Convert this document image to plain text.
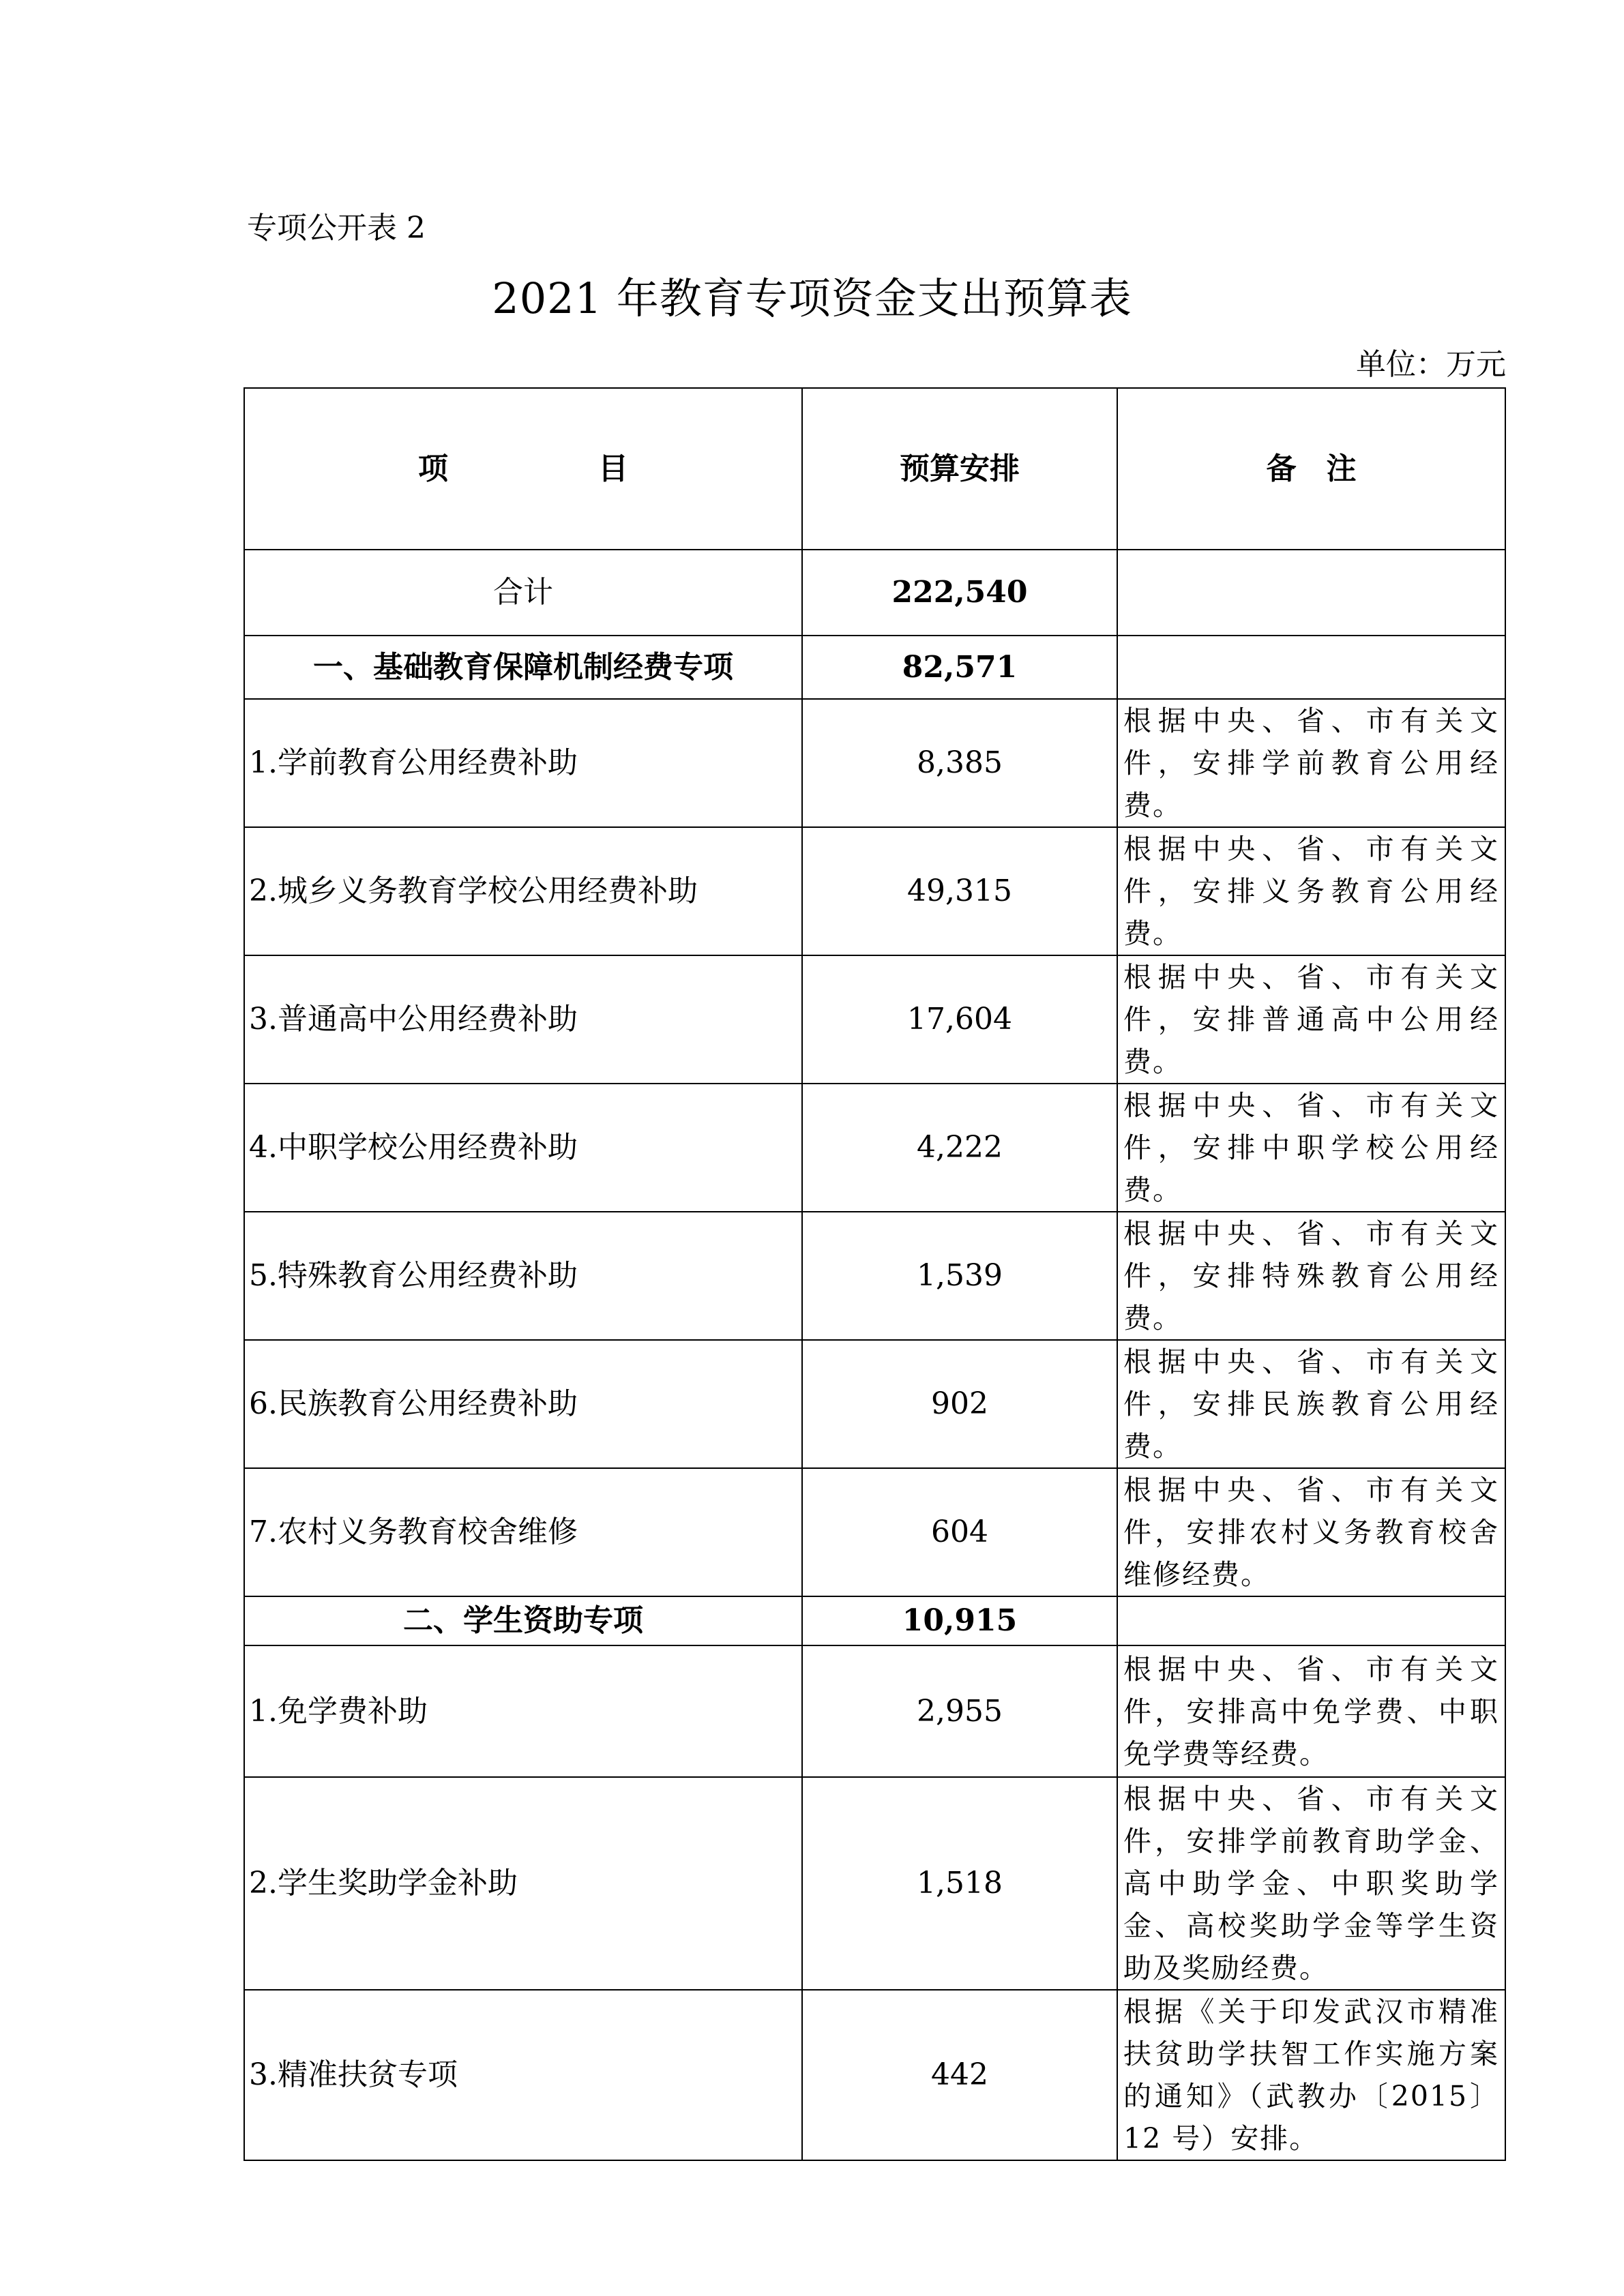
专项公开表 2
2021 年教育专项资金支出预算表
单位：万元
项　　　　　目	预算安排	备　注
合计	222,540	
一、基础教育保障机制经费专项	82,571	
1.学前教育公用经费补助	8,385	根据中央、省、市有关文件，安排学前教育公用经费。
2.城乡义务教育学校公用经费补助	49,315	根据中央、省、市有关文件，安排义务教育公用经费。
3.普通高中公用经费补助	17,604	根据中央、省、市有关文件，安排普通高中公用经费。
4.中职学校公用经费补助	4,222	根据中央、省、市有关文件，安排中职学校公用经费。
5.特殊教育公用经费补助	1,539	根据中央、省、市有关文件，安排特殊教育公用经费。
6.民族教育公用经费补助	902	根据中央、省、市有关文件，安排民族教育公用经费。
7.农村义务教育校舍维修	604	根据中央、省、市有关文件，安排农村义务教育校舍维修经费。
二、学生资助专项	10,915	
1.免学费补助	2,955	根据中央、省、市有关文件，安排高中免学费、中职免学费等经费。
2.学生奖助学金补助	1,518	根据中央、省、市有关文件，安排学前教育助学金、高中助学金、中职奖助学金、高校奖助学金等学生资助及奖励经费。
3.精准扶贫专项	442	根据《关于印发武汉市精准扶贫助学扶智工作实施方案的通知》（武教办〔2015〕12 号）安排。
